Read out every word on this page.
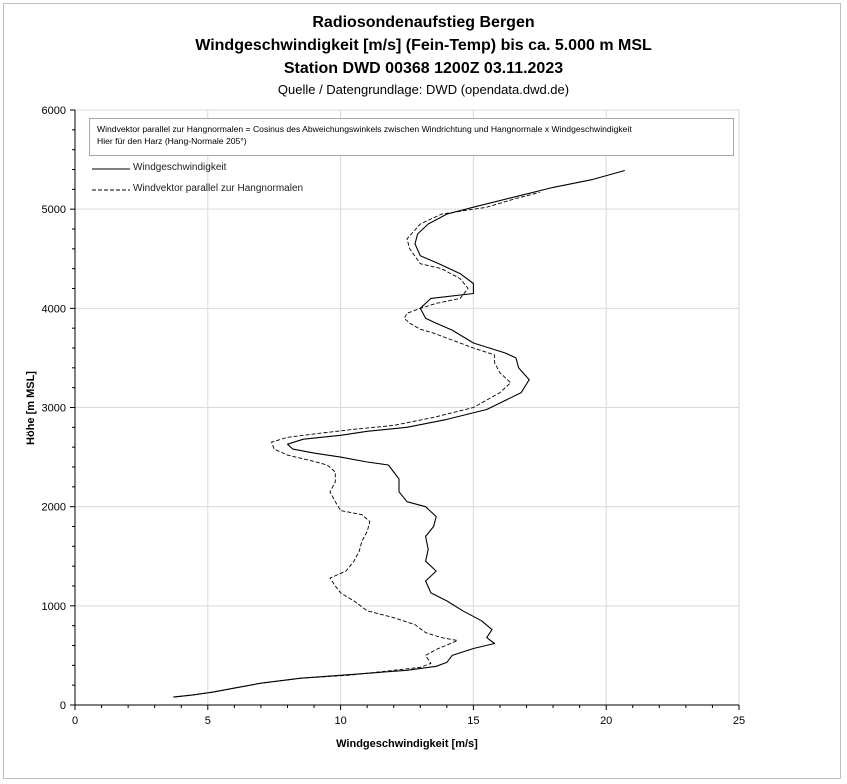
Radiosondenaufstieg Bergen
Windgeschwindigkeit [m/s] (Fein-Temp) bis ca. 5.000 m MSL
Station DWD 00368 1200Z 03.11.2023
Quelle / Datengrundlage: DWD (opendata.dwd.de)
0
1000
2000
3000
4000
5000
6000
0	5	10	15	20	25
Windgeschwindigkeit [m/s]
Höhe [m MSL]
Windvektor parallel zur Hangnormalen = Cosinus des Abweichungswinkels zwischen Windrichtung und Hangnormale x Windgeschwindigkeit
Hier für den Harz (Hang-Normale 205°)
Windgeschwindigkeit
Windvektor parallel zur Hangnormalen
